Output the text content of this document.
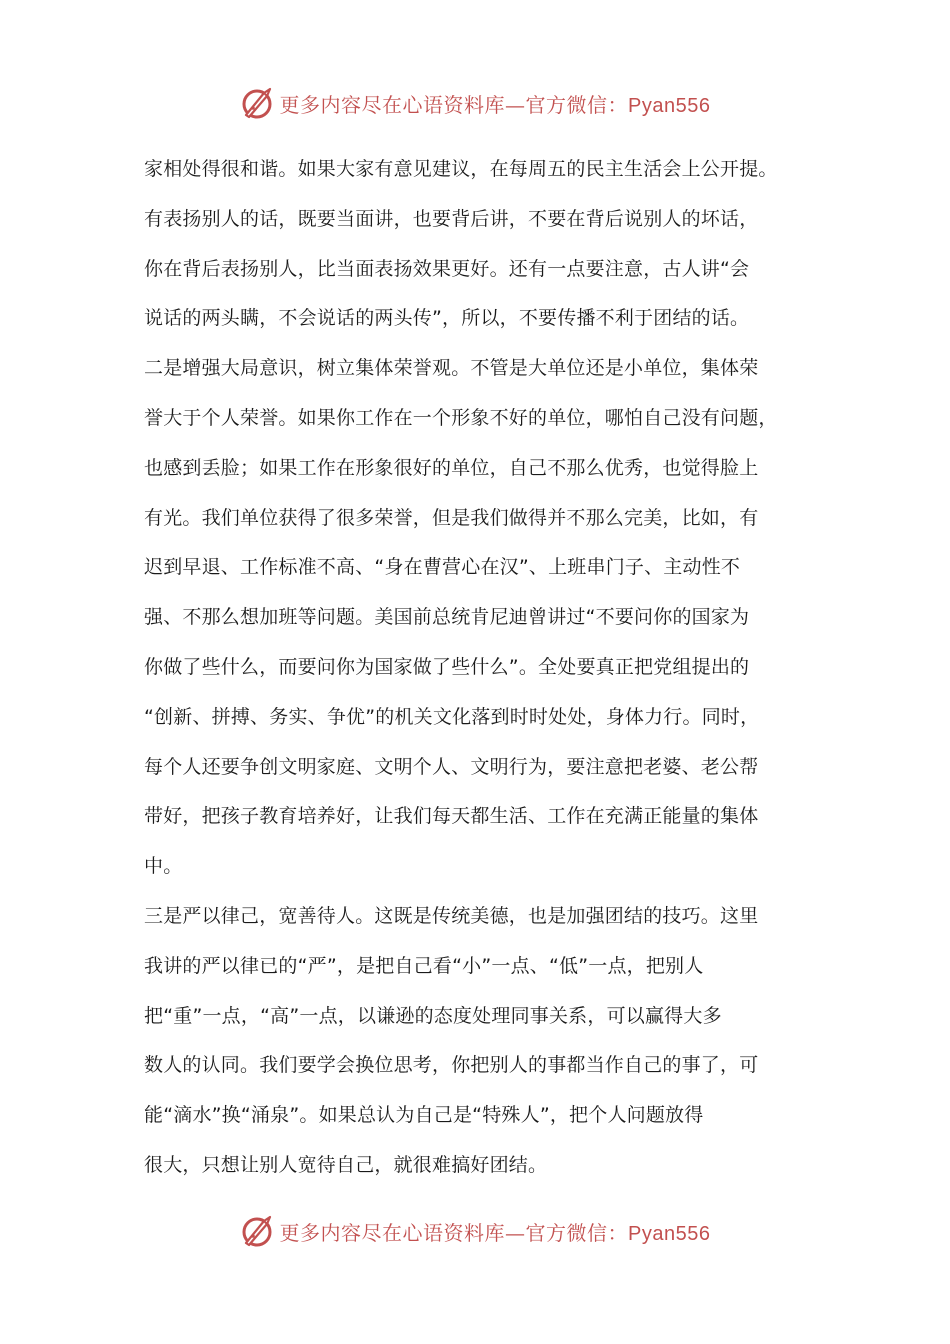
更多内容尽在心语资料库—官方微信：Pyan556
家相处得很和谐。如果大家有意见建议，在每周五的民主生活会上公开提。
有表扬别人的话，既要当面讲，也要背后讲，不要在背后说别人的坏话，
你在背后表扬别人，比当面表扬效果更好。还有一点要注意，古人讲“会
说话的两头瞒，不会说话的两头传”，所以，不要传播不利于团结的话。
二是增强大局意识，树立集体荣誉观。不管是大单位还是小单位，集体荣
誉大于个人荣誉。如果你工作在一个形象不好的单位，哪怕自己没有问题，
也感到丢脸；如果工作在形象很好的单位，自己不那么优秀，也觉得脸上
有光。我们单位获得了很多荣誉，但是我们做得并不那么完美，比如，有
迟到早退、工作标准不高、“身在曹营心在汉”、上班串门子、主动性不
强、不那么想加班等问题。美国前总统肯尼迪曾讲过“不要问你的国家为
你做了些什么，而要问你为国家做了些什么”。全处要真正把党组提出的
“创新、拼搏、务实、争优”的机关文化落到时时处处，身体力行。同时，
每个人还要争创文明家庭、文明个人、文明行为，要注意把老婆、老公帮
带好，把孩子教育培养好，让我们每天都生活、工作在充满正能量的集体
中。
三是严以律己，宽善待人。这既是传统美德，也是加强团结的技巧。这里
我讲的严以律已的“严”，是把自己看“小”一点、“低”一点，把别人
把“重”一点，“高”一点，以谦逊的态度处理同事关系，可以赢得大多
数人的认同。我们要学会换位思考，你把别人的事都当作自己的事了，可
能“滴水”换“涌泉”。如果总认为自己是“特殊人”，把个人问题放得
很大，只想让别人宽待自己，就很难搞好团结。
更多内容尽在心语资料库—官方微信：Pyan556
